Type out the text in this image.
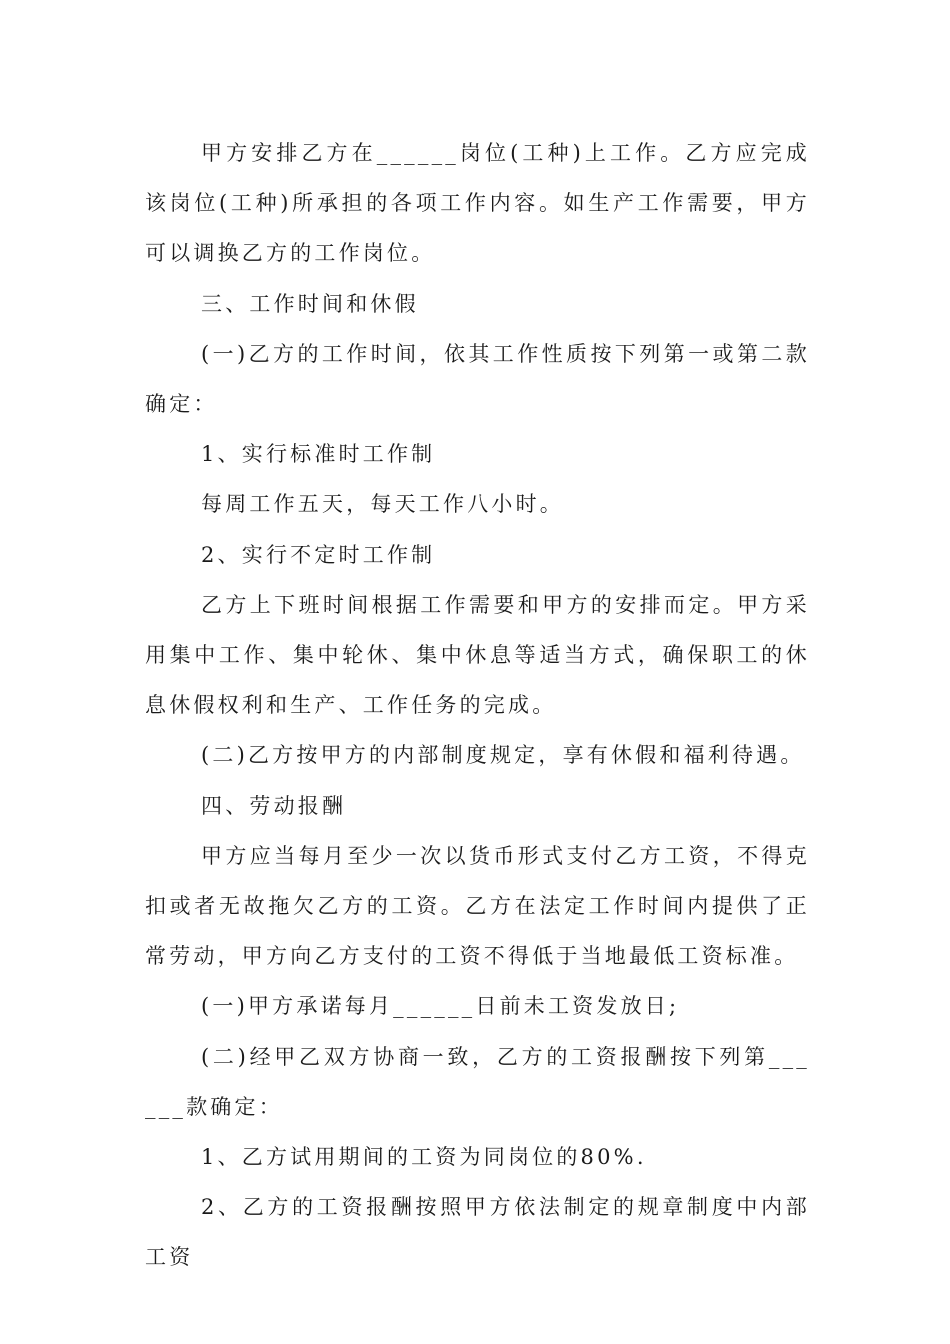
甲方安排乙方在______岗位(工种)上工作。乙方应完成该岗位(工种)所承担的各项工作内容。如生产工作需要，甲方可以调换乙方的工作岗位。

三、工作时间和休假

(一)乙方的工作时间，依其工作性质按下列第一或第二款确定：

1、实行标准时工作制

每周工作五天，每天工作八小时。

2、实行不定时工作制

乙方上下班时间根据工作需要和甲方的安排而定。甲方采用集中工作、集中轮休、集中休息等适当方式，确保职工的休息休假权利和生产、工作任务的完成。

(二)乙方按甲方的内部制度规定，享有休假和福利待遇。

四、劳动报酬

甲方应当每月至少一次以货币形式支付乙方工资，不得克扣或者无故拖欠乙方的工资。乙方在法定工作时间内提供了正常劳动，甲方向乙方支付的工资不得低于当地最低工资标准。

(一)甲方承诺每月______日前未工资发放日;

(二)经甲乙双方协商一致，乙方的工资报酬按下列第______款确定：

1、乙方试用期间的工资为同岗位的80%.

2、乙方的工资报酬按照甲方依法制定的规章制度中内部工资
